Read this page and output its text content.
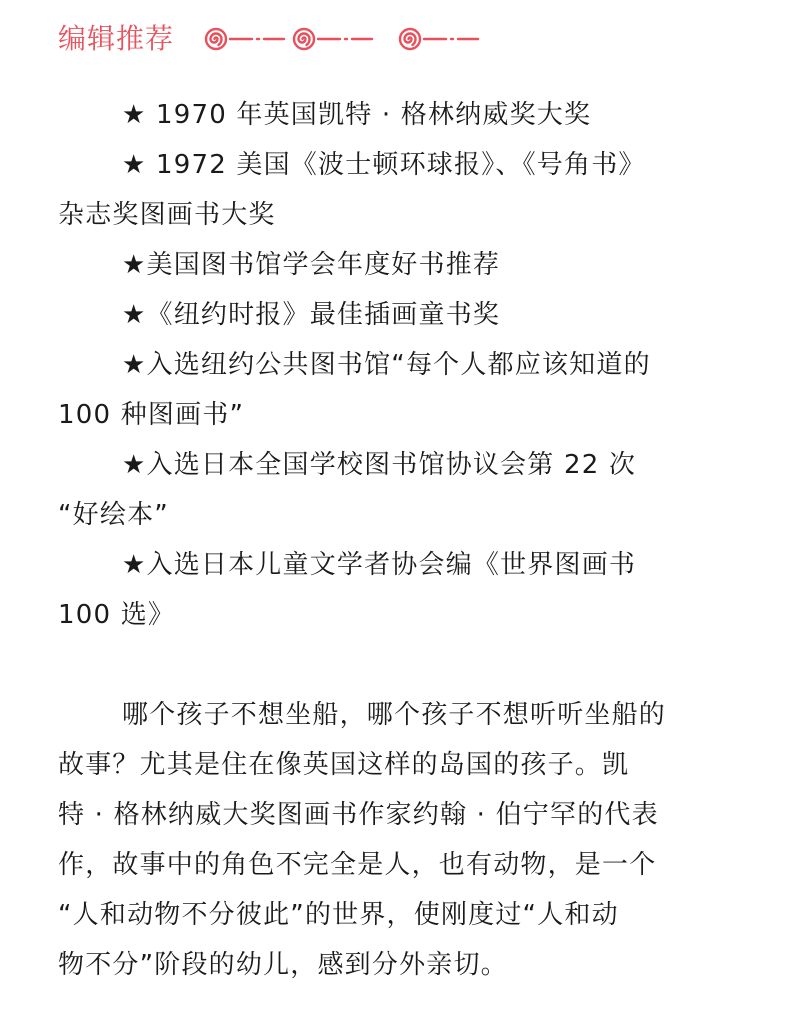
编辑推荐
★ 1970 年英国凯特 · 格林纳威奖大奖
★ 1972 美国《波士顿环球报》、《号角书》
杂志奖图画书大奖
★美国图书馆学会年度好书推荐
★《纽约时报》最佳插画童书奖
★入选纽约公共图书馆“每个人都应该知道的
100 种图画书”
★入选日本全国学校图书馆协议会第 22 次
“好绘本”
★入选日本儿童文学者协会编《世界图画书
100 选》
哪个孩子不想坐船，哪个孩子不想听听坐船的
故事？尤其是住在像英国这样的岛国的孩子。凯
特 · 格林纳威大奖图画书作家约翰 · 伯宁罕的代表
作，故事中的角色不完全是人，也有动物，是一个
“人和动物不分彼此”的世界，使刚度过“人和动
物不分”阶段的幼儿，感到分外亲切。
